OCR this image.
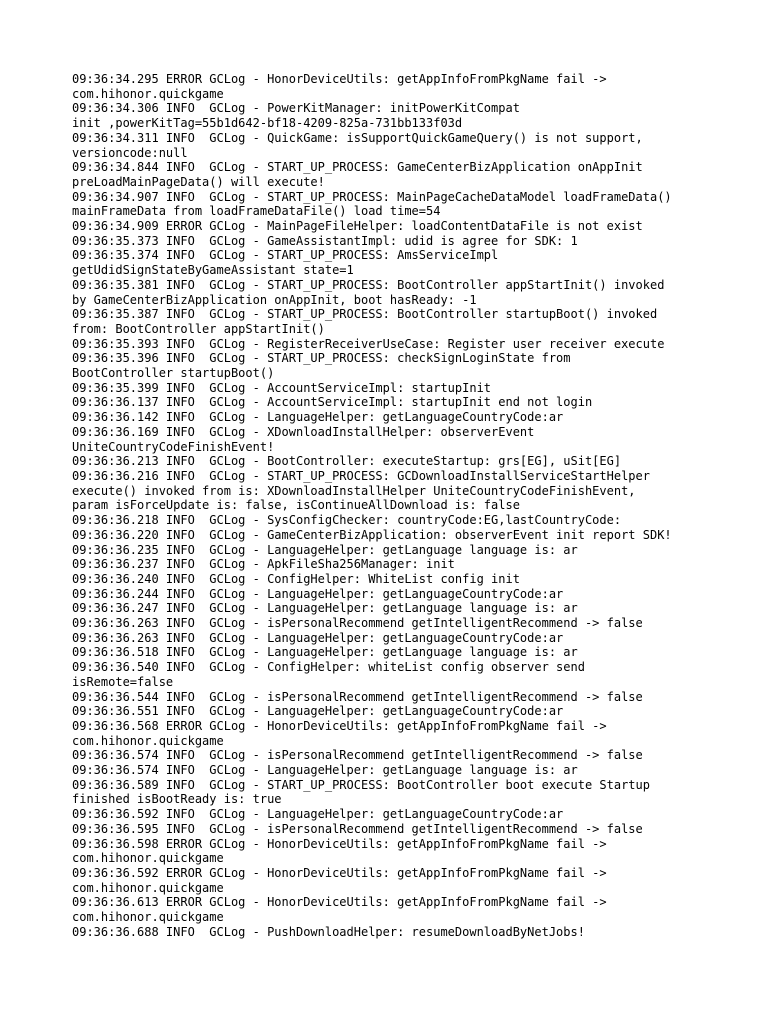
09:36:34.295 ERROR GCLog - HonorDeviceUtils: getAppInfoFromPkgName fail ->
com.hihonor.quickgame
09:36:34.306 INFO  GCLog - PowerKitManager: initPowerKitCompat
init ,powerKitTag=55b1d642-bf18-4209-825a-731bb133f03d
09:36:34.311 INFO  GCLog - QuickGame: isSupportQuickGameQuery() is not support,
versioncode:null
09:36:34.844 INFO  GCLog - START_UP_PROCESS: GameCenterBizApplication onAppInit
preLoadMainPageData() will execute!
09:36:34.907 INFO  GCLog - START_UP_PROCESS: MainPageCacheDataModel loadFrameData()
mainFrameData from loadFrameDataFile() load time=54
09:36:34.909 ERROR GCLog - MainPageFileHelper: loadContentDataFile is not exist
09:36:35.373 INFO  GCLog - GameAssistantImpl: udid is agree for SDK: 1
09:36:35.374 INFO  GCLog - START_UP_PROCESS: AmsServiceImpl
getUdidSignStateByGameAssistant state=1
09:36:35.381 INFO  GCLog - START_UP_PROCESS: BootController appStartInit() invoked
by GameCenterBizApplication onAppInit, boot hasReady: -1
09:36:35.387 INFO  GCLog - START_UP_PROCESS: BootController startupBoot() invoked
from: BootController appStartInit()
09:36:35.393 INFO  GCLog - RegisterReceiverUseCase: Register user receiver execute
09:36:35.396 INFO  GCLog - START_UP_PROCESS: checkSignLoginState from
BootController startupBoot()
09:36:35.399 INFO  GCLog - AccountServiceImpl: startupInit
09:36:36.137 INFO  GCLog - AccountServiceImpl: startupInit end not login
09:36:36.142 INFO  GCLog - LanguageHelper: getLanguageCountryCode:ar
09:36:36.169 INFO  GCLog - XDownloadInstallHelper: observerEvent
UniteCountryCodeFinishEvent!
09:36:36.213 INFO  GCLog - BootController: executeStartup: grs[EG], uSit[EG]
09:36:36.216 INFO  GCLog - START_UP_PROCESS: GCDownloadInstallServiceStartHelper
execute() invoked from is: XDownloadInstallHelper UniteCountryCodeFinishEvent,
param isForceUpdate is: false, isContinueAllDownload is: false
09:36:36.218 INFO  GCLog - SysConfigChecker: countryCode:EG,lastCountryCode:
09:36:36.220 INFO  GCLog - GameCenterBizApplication: observerEvent init report SDK!
09:36:36.235 INFO  GCLog - LanguageHelper: getLanguage language is: ar
09:36:36.237 INFO  GCLog - ApkFileSha256Manager: init
09:36:36.240 INFO  GCLog - ConfigHelper: WhiteList config init
09:36:36.244 INFO  GCLog - LanguageHelper: getLanguageCountryCode:ar
09:36:36.247 INFO  GCLog - LanguageHelper: getLanguage language is: ar
09:36:36.263 INFO  GCLog - isPersonalRecommend getIntelligentRecommend -> false
09:36:36.263 INFO  GCLog - LanguageHelper: getLanguageCountryCode:ar
09:36:36.518 INFO  GCLog - LanguageHelper: getLanguage language is: ar
09:36:36.540 INFO  GCLog - ConfigHelper: whiteList config observer send
isRemote=false
09:36:36.544 INFO  GCLog - isPersonalRecommend getIntelligentRecommend -> false
09:36:36.551 INFO  GCLog - LanguageHelper: getLanguageCountryCode:ar
09:36:36.568 ERROR GCLog - HonorDeviceUtils: getAppInfoFromPkgName fail ->
com.hihonor.quickgame
09:36:36.574 INFO  GCLog - isPersonalRecommend getIntelligentRecommend -> false
09:36:36.574 INFO  GCLog - LanguageHelper: getLanguage language is: ar
09:36:36.589 INFO  GCLog - START_UP_PROCESS: BootController boot execute Startup
finished isBootReady is: true
09:36:36.592 INFO  GCLog - LanguageHelper: getLanguageCountryCode:ar
09:36:36.595 INFO  GCLog - isPersonalRecommend getIntelligentRecommend -> false
09:36:36.598 ERROR GCLog - HonorDeviceUtils: getAppInfoFromPkgName fail ->
com.hihonor.quickgame
09:36:36.592 ERROR GCLog - HonorDeviceUtils: getAppInfoFromPkgName fail ->
com.hihonor.quickgame
09:36:36.613 ERROR GCLog - HonorDeviceUtils: getAppInfoFromPkgName fail ->
com.hihonor.quickgame
09:36:36.688 INFO  GCLog - PushDownloadHelper: resumeDownloadByNetJobs!
